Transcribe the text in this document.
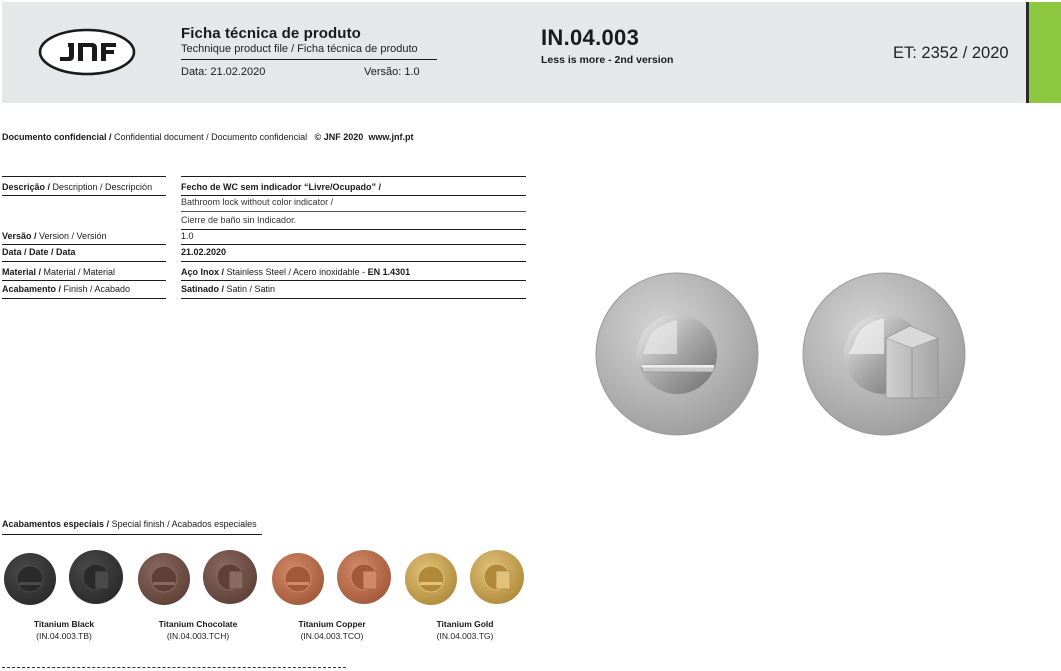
Ficha técnica de produto
Technique product file / Ficha técnica de produto
Data: 21.02.2020	Versão: 1.0
IN.04.003
Less is more - 2nd version	ET: 2352 / 2020
Documento confidencial / Confidential document / Documento confidencial © JNF 2020 www.jnf.pt
Descrição / Description / Descripción	Fecho de WC sem indicador “Livre/Ocupado” /
Bathroom lock without color indicator /
Cierre de baño sin Indicador.
Versão / Version / Versión	1.0
Data / Date / Data	21.02.2020
Material / Material / Material	Aço Inox / Stainless Steel / Acero inoxidable - EN 1.4301
Acabamento / Finish / Acabado	Satinado / Satin / Satin
Acabamentos especiais / Special finish / Acabados especiales
Titanium Black
(IN.04.003.TB)
Titanium Chocolate
(IN.04.003.TCH)
Titanium Copper
(IN.04.003.TCO)
Titanium Gold
(IN.04.003.TG)
